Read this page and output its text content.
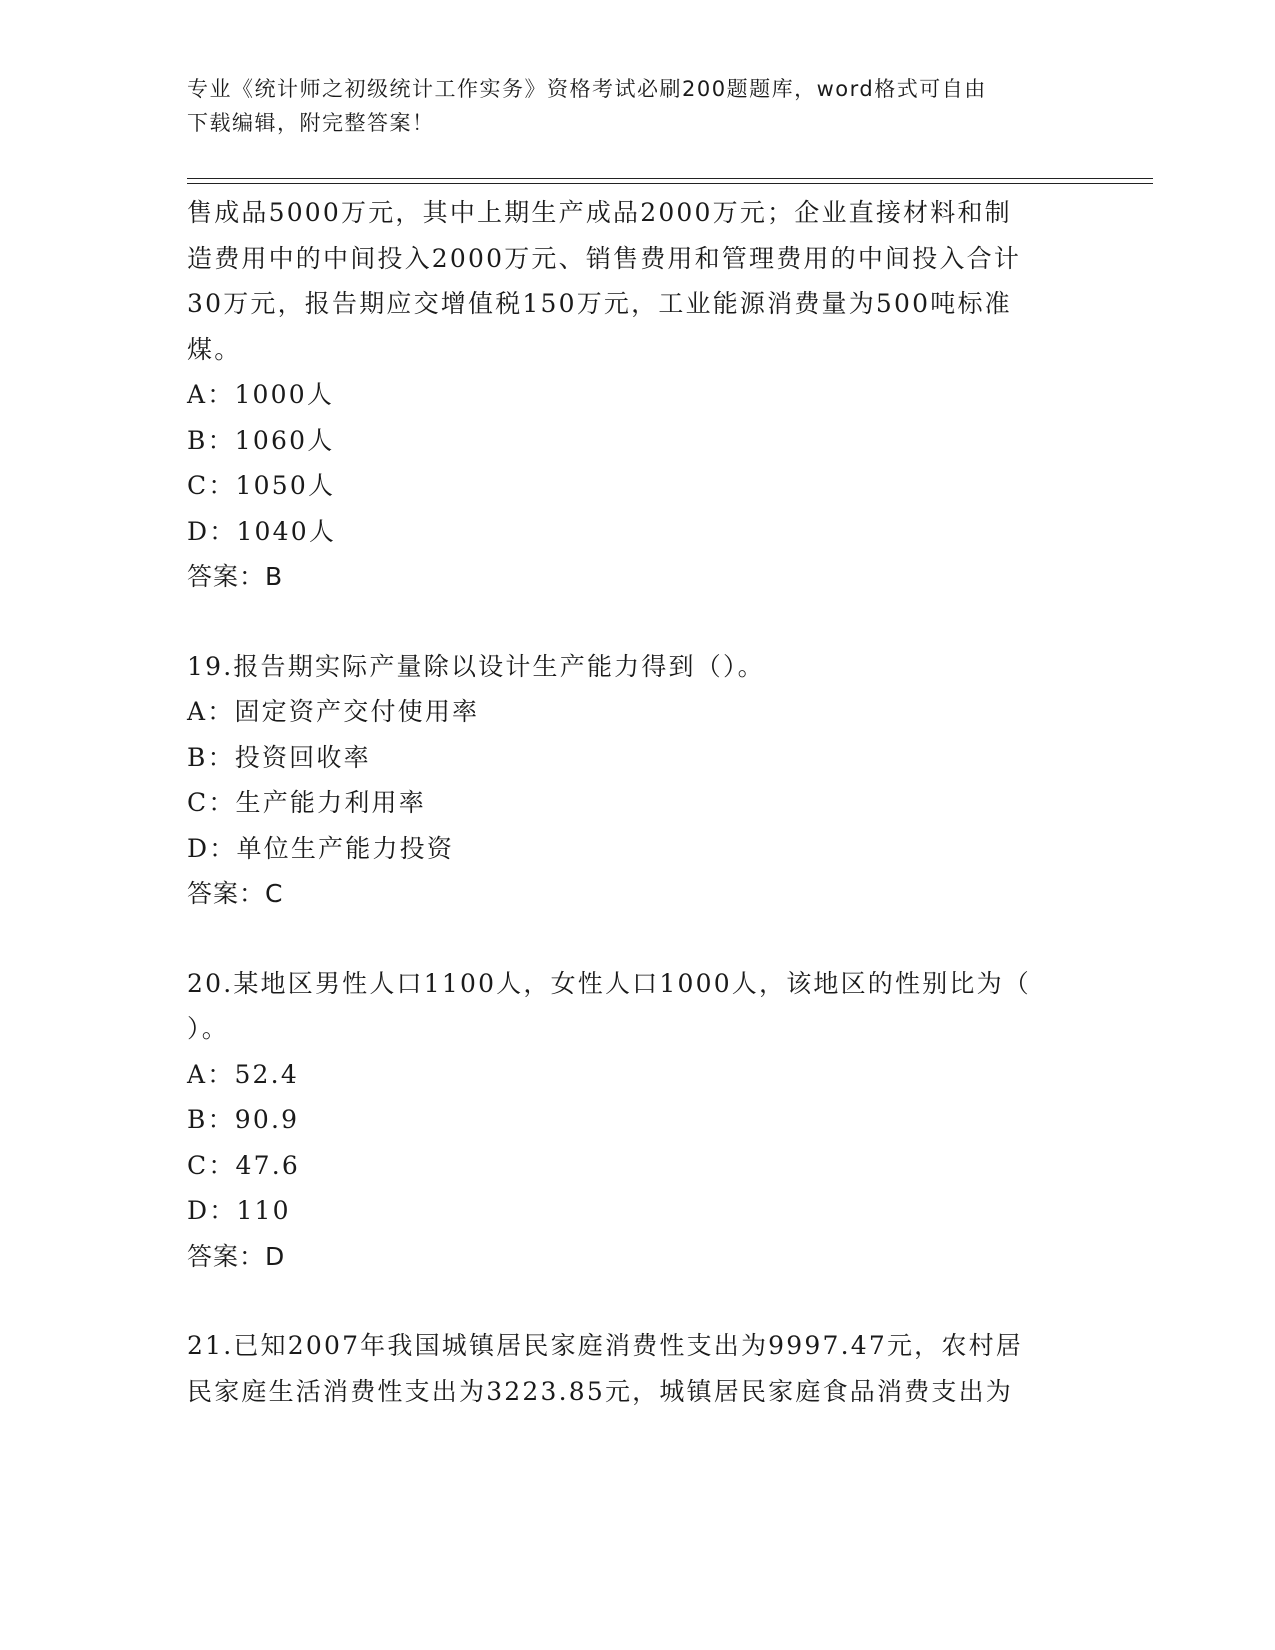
专业《统计师之初级统计工作实务》资格考试必刷200题题库，word格式可自由
下载编辑，附完整答案！
售成品5000万元，其中上期生产成品2000万元；企业直接材料和制
造费用中的中间投入2000万元、销售费用和管理费用的中间投入合计
30万元，报告期应交增值税150万元，工业能源消费量为500吨标准
煤。
A：1000人
B：1060人
C：1050人
D：1040人
答案：B
19.报告期实际产量除以设计生产能力得到（）。
A：固定资产交付使用率
B：投资回收率
C：生产能力利用率
D：单位生产能力投资
答案：C
20.某地区男性人口1100人，女性人口1000人，该地区的性别比为（
）。
A：52.4
B：90.9
C：47.6
D：110
答案：D
21.已知2007年我国城镇居民家庭消费性支出为9997.47元，农村居
民家庭生活消费性支出为3223.85元，城镇居民家庭食品消费支出为
